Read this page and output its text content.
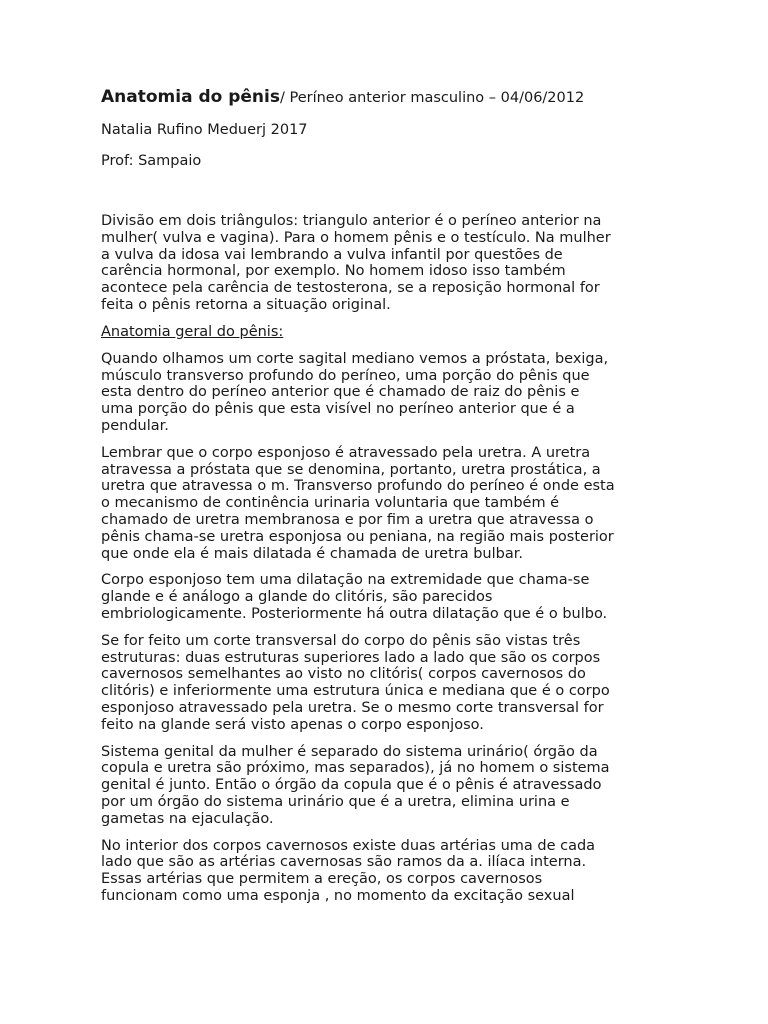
Anatomia do pênis/ Períneo anterior masculino – 04/06/2012
Natalia Rufino Meduerj 2017
Prof: Sampaio
Divisão em dois triângulos: triangulo anterior é o períneo anterior na
mulher( vulva e vagina). Para o homem pênis e o testículo. Na mulher
a vulva da idosa vai lembrando a vulva infantil por questões de
carência hormonal, por exemplo. No homem idoso isso também
acontece pela carência de testosterona, se a reposição hormonal for
feita o pênis retorna a situação original.
Anatomia geral do pênis:
Quando olhamos um corte sagital mediano vemos a próstata, bexiga,
músculo transverso profundo do períneo, uma porção do pênis que
esta dentro do períneo anterior que é chamado de raiz do pênis e
uma porção do pênis que esta visível no períneo anterior que é a
pendular.
Lembrar que o corpo esponjoso é atravessado pela uretra. A uretra
atravessa a próstata que se denomina, portanto, uretra prostática, a
uretra que atravessa o m. Transverso profundo do períneo é onde esta
o mecanismo de continência urinaria voluntaria que também é
chamado de uretra membranosa e por fim a uretra que atravessa o
pênis chama-se uretra esponjosa ou peniana, na região mais posterior
que onde ela é mais dilatada é chamada de uretra bulbar.
Corpo esponjoso tem uma dilatação na extremidade que chama-se
glande e é análogo a glande do clitóris, são parecidos
embriologicamente. Posteriormente há outra dilatação que é o bulbo.
Se for feito um corte transversal do corpo do pênis são vistas três
estruturas: duas estruturas superiores lado a lado que são os corpos
cavernosos semelhantes ao visto no clitóris( corpos cavernosos do
clitóris) e inferiormente uma estrutura única e mediana que é o corpo
esponjoso atravessado pela uretra. Se o mesmo corte transversal for
feito na glande será visto apenas o corpo esponjoso.
Sistema genital da mulher é separado do sistema urinário( órgão da
copula e uretra são próximo, mas separados), já no homem o sistema
genital é junto. Então o órgão da copula que é o pênis é atravessado
por um órgão do sistema urinário que é a uretra, elimina urina e
gametas na ejaculação.
No interior dos corpos cavernosos existe duas artérias uma de cada
lado que são as artérias cavernosas são ramos da a. ilíaca interna.
Essas artérias que permitem a ereção, os corpos cavernosos
funcionam como uma esponja , no momento da excitação sexual
